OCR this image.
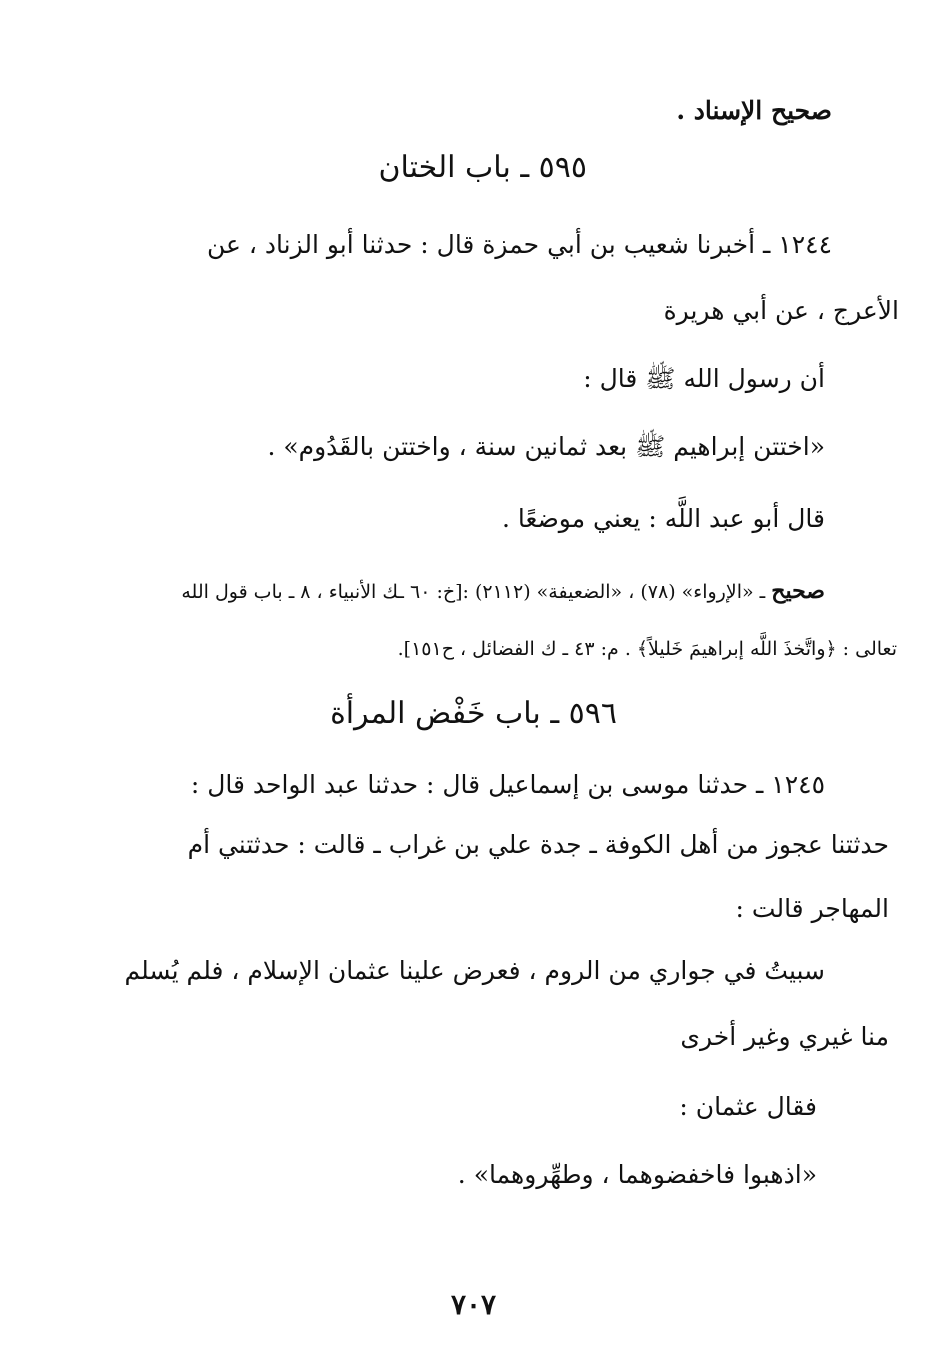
صحيح الإسناد .
٥٩٥ ـ باب الختان
١٢٤٤ ـ أخبرنا شعيب بن أبي حمزة قال : حدثنا أبو الزناد ، عن
الأعرج ، عن أبي هريرة
أن رسول الله ﷺ قال :
«اختتن إبراهيم ﷺ بعد ثمانين سنة ، واختتن بالقَدُوم» .
قال أبو عبد اللَّه : يعني موضعًا .
صحيح ـ «الإرواء» (٧٨) ، «الضعيفة» (٢١١٢) :[خ: ٦٠ ـك الأنبياء ، ٨ ـ باب قول الله
تعالى : ﴿واتَّخذَ اللَّه إبراهيمَ خَليلاً﴾ . م: ٤٣ ـ ك الفضائل ، ح١٥١].
٥٩٦ ـ باب خَفْض المرأة
١٢٤٥ ـ حدثنا موسى بن إسماعيل قال : حدثنا عبد الواحد قال :
حدثتنا عجوز من أهل الكوفة ـ جدة علي بن غراب ـ قالت : حدثتني أم
المهاجر قالت :
سبيتُ في جواري من الروم ، فعرض علينا عثمان الإسلام ، فلم يُسلم
منا غيري وغير أخرى
فقال عثمان :
«اذهبوا فاخفضوهما ، وطهِّروهما» .
٧٠٧
